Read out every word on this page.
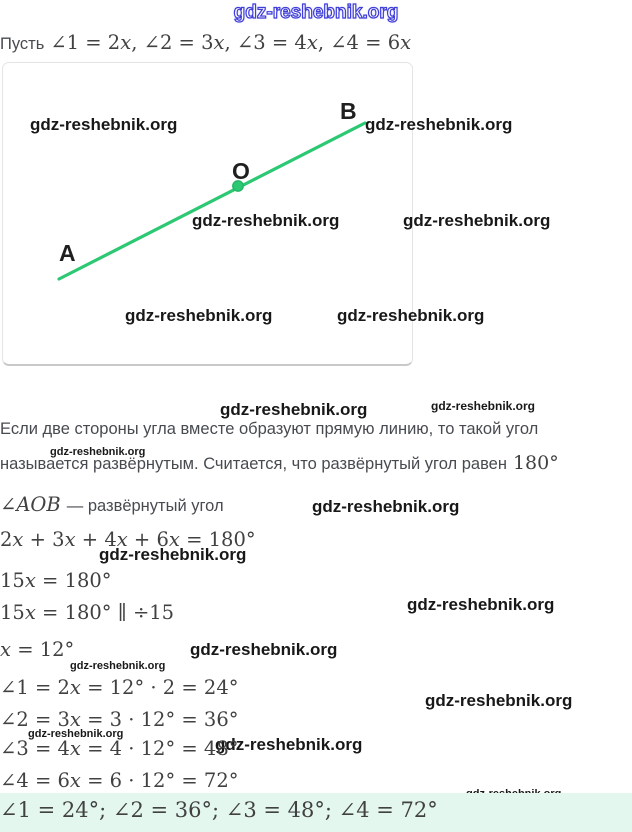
gdz-reshebnik.org
Пусть ∠1 = 2x, ∠2 = 3x, ∠3 = 4x, ∠4 = 6x
A
O
B
gdz-reshebnik.org	gdz-reshebnik.org
gdz-reshebnik.org	gdz-reshebnik.org
gdz-reshebnik.org	gdz-reshebnik.org
gdz-reshebnik.org	gdz-reshebnik.org
gdz-reshebnik.org
gdz-reshebnik.org
gdz-reshebnik.org
gdz-reshebnik.org
gdz-reshebnik.org
gdz-reshebnik.org
gdz-reshebnik.org
gdz-reshebnik.org
gdz-reshebnik.org
Если две стороны угла вместе образуют прямую линию, то такой угол
называется развёрнутым. Считается, что развёрнутый угол равен 180°
∠AOB — развёрнутый угол
2x + 3x + 4x + 6x = 180°
15x = 180°
15x = 180° ∥ ÷15
x = 12°
∠1 = 2x = 12° · 2 = 24°
∠2 = 3x = 3 · 12° = 36°
∠3 = 4x = 4 · 12° = 48°
∠4 = 6x = 6 · 12° = 72°
∠1 = 24°; ∠2 = 36°; ∠3 = 48°; ∠4 = 72°
